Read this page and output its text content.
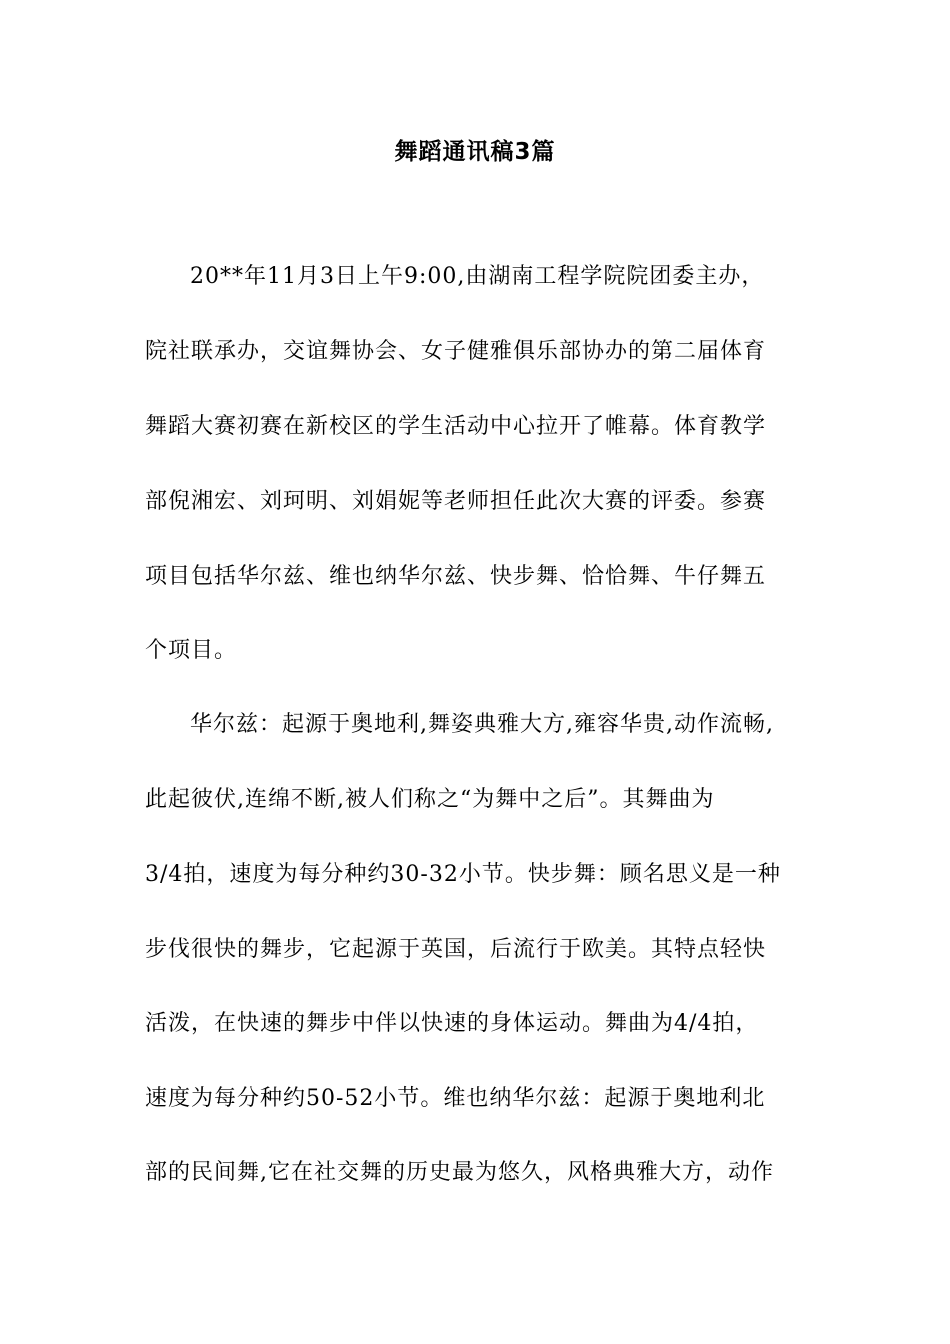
舞蹈通讯稿3篇
20**年11月3日上午9:00,由湖南工程学院院团委主办，
院社联承办，交谊舞协会、女子健雅俱乐部协办的第二届体育
舞蹈大赛初赛在新校区的学生活动中心拉开了帷幕。体育教学
部倪湘宏、刘珂明、刘娟妮等老师担任此次大赛的评委。参赛
项目包括华尔兹、维也纳华尔兹、快步舞、恰恰舞、牛仔舞五
个项目。
华尔兹：起源于奥地利,舞姿典雅大方,雍容华贵,动作流畅,
此起彼伏,连绵不断,被人们称之“为舞中之后”。其舞曲为
3/4拍，速度为每分种约30-32小节。快步舞：顾名思义是一种
步伐很快的舞步，它起源于英国，后流行于欧美。其特点轻快
活泼，在快速的舞步中伴以快速的身体运动。舞曲为4/4拍，
速度为每分种约50-52小节。维也纳华尔兹：起源于奥地利北
部的民间舞,它在社交舞的历史最为悠久，风格典雅大方，动作
